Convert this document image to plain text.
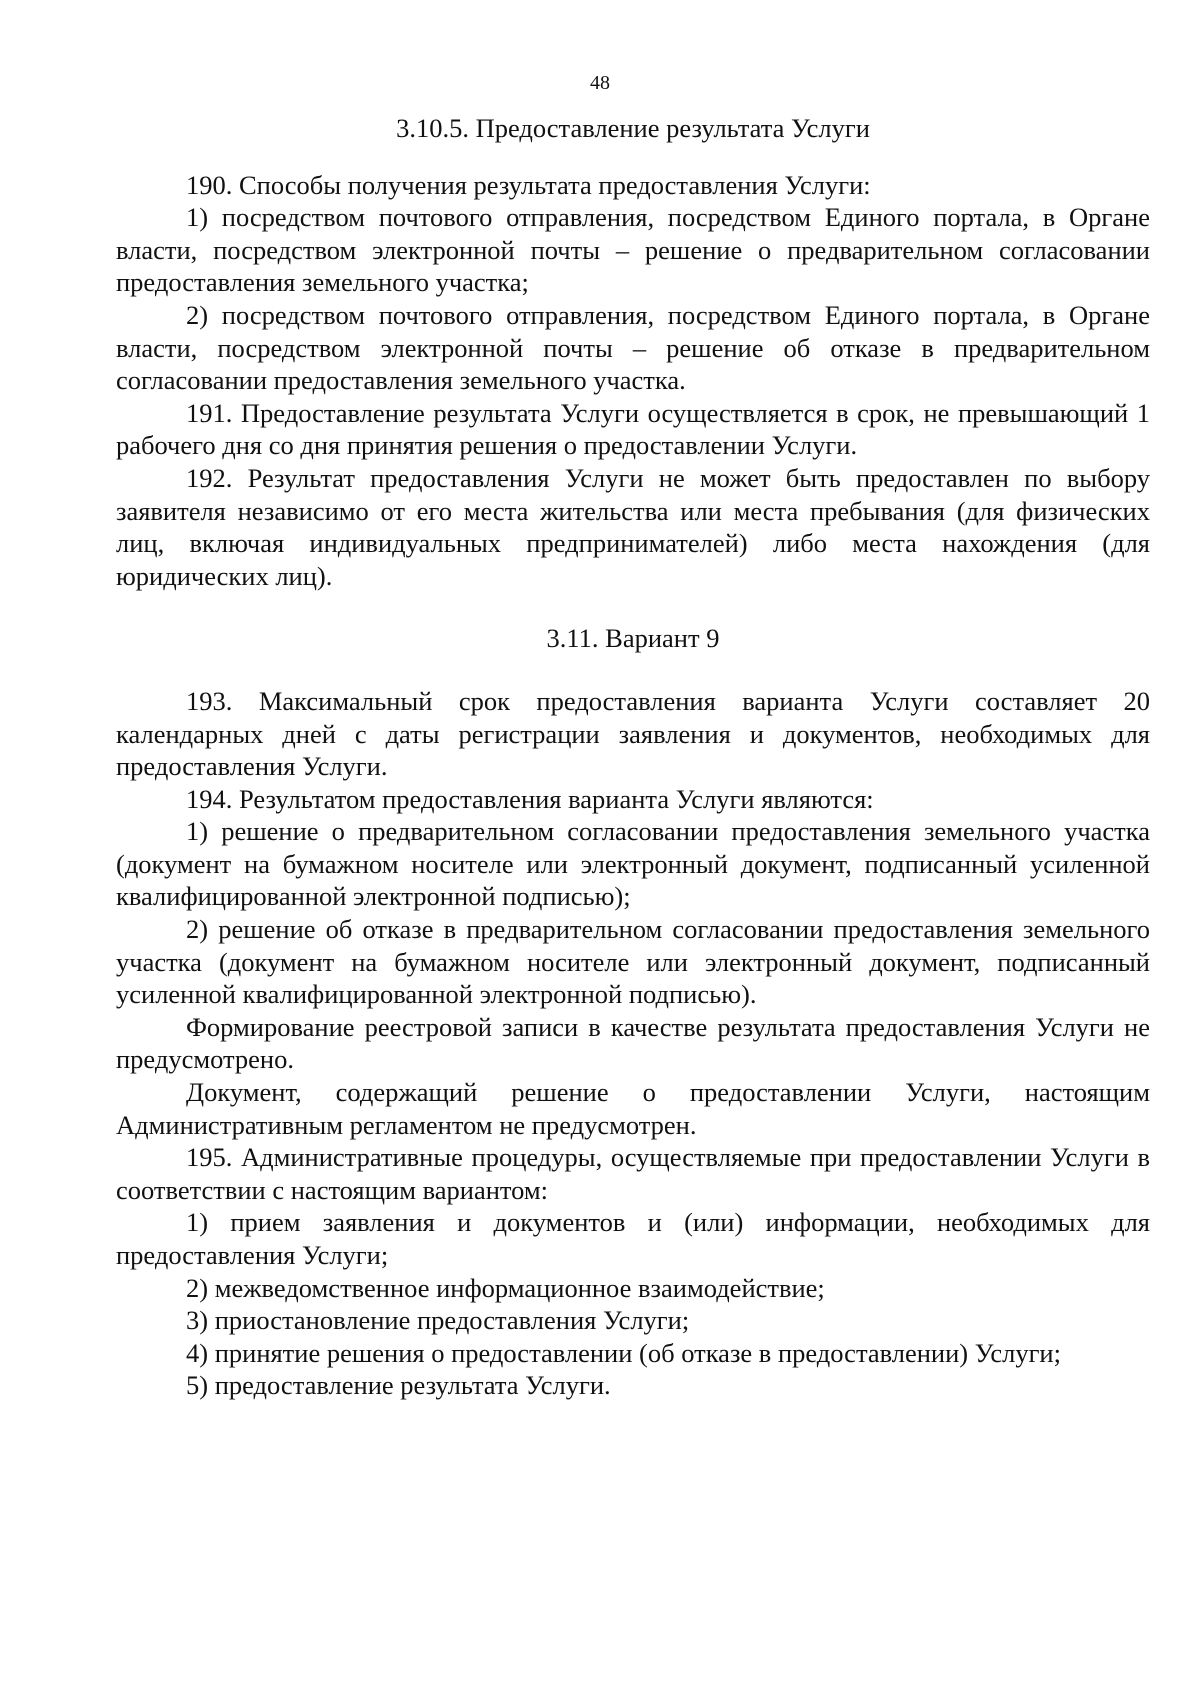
48

3.10.5. Предоставление результата Услуги

190. Способы получения результата предоставления Услуги:

1) посредством почтового отправления, посредством Единого портала, в Органе власти, посредством электронной почты – решение о предварительном согласовании предоставления земельного участка;

2) посредством почтового отправления, посредством Единого портала, в Органе власти, посредством электронной почты – решение об отказе в предварительном согласовании предоставления земельного участка.

191. Предоставление результата Услуги осуществляется в срок, не превышающий 1 рабочего дня со дня принятия решения о предоставлении Услуги.

192. Результат предоставления Услуги не может быть предоставлен по выбору заявителя независимо от его места жительства или места пребывания (для физических лиц, включая индивидуальных предпринимателей) либо места нахождения (для юридических лиц).

3.11. Вариант 9

193. Максимальный срок предоставления варианта Услуги составляет 20 календарных дней с даты регистрации заявления и документов, необходимых для предоставления Услуги.

194. Результатом предоставления варианта Услуги являются:

1) решение о предварительном согласовании предоставления земельного участка (документ на бумажном носителе или электронный документ, подписанный усиленной квалифицированной электронной подписью);

2) решение об отказе в предварительном согласовании предоставления земельного участка (документ на бумажном носителе или электронный документ, подписанный усиленной квалифицированной электронной подписью).

Формирование реестровой записи в качестве результата предоставления Услуги не предусмотрено.

Документ, содержащий решение о предоставлении Услуги, настоящим Административным регламентом не предусмотрен.

195. Административные процедуры, осуществляемые при предоставлении Услуги в соответствии с настоящим вариантом:

1) прием заявления и документов и (или) информации, необходимых для предоставления Услуги;

2) межведомственное информационное взаимодействие;

3) приостановление предоставления Услуги;

4) принятие решения о предоставлении (об отказе в предоставлении) Услуги;

5) предоставление результата Услуги.
